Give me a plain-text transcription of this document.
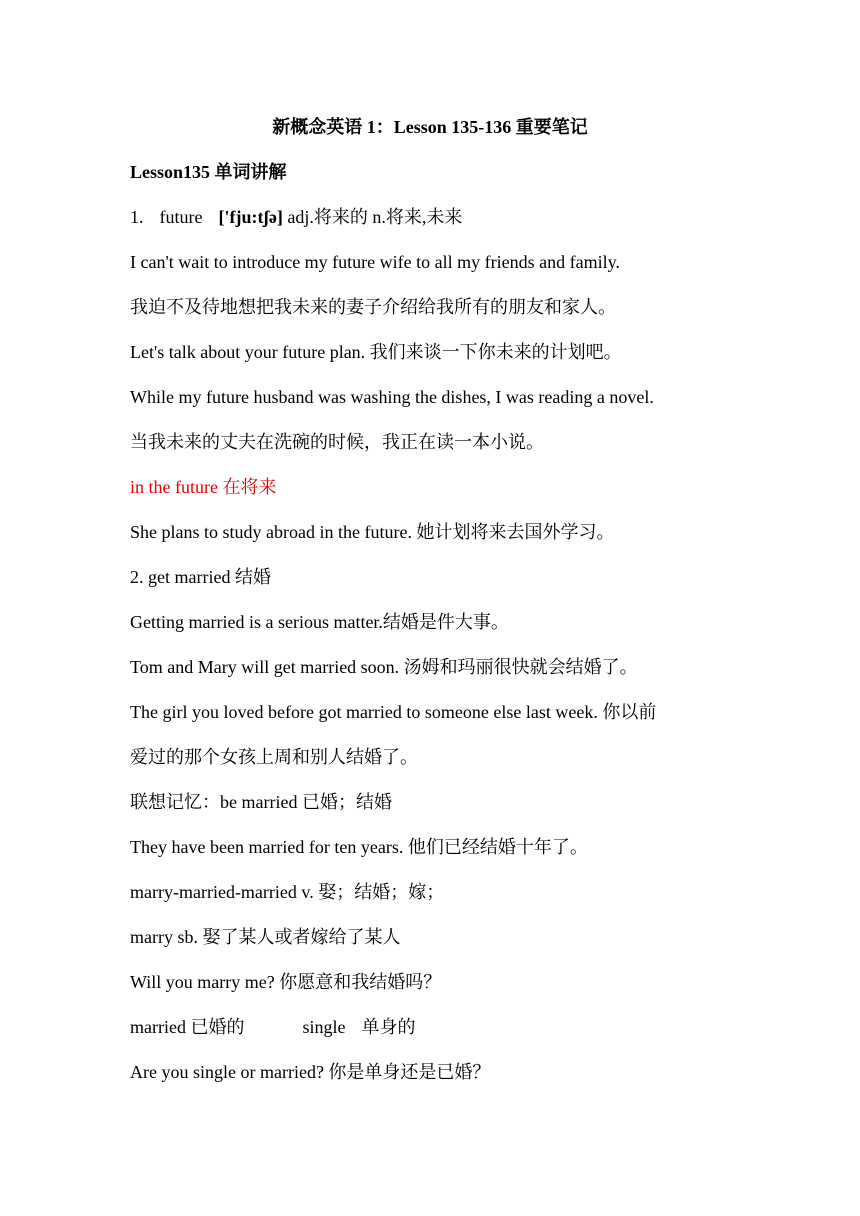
新概念英语 1：Lesson 135-136 重要笔记
Lesson135 单词讲解
1. future ['fju:tʃə] adj.将来的 n.将来,未来
I can't wait to introduce my future wife to all my friends and family.
我迫不及待地想把我未来的妻子介绍给我所有的朋友和家人。
Let's talk about your future plan. 我们来谈一下你未来的计划吧。
While my future husband was washing the dishes, I was reading a novel.
当我未来的丈夫在洗碗的时候，我正在读一本小说。
in the future 在将来
She plans to study abroad in the future. 她计划将来去国外学习。
2. get married 结婚
Getting married is a serious matter.结婚是件大事。
Tom and Mary will get married soon. 汤姆和玛丽很快就会结婚了。
The girl you loved before got married to someone else last week. 你以前
爱过的那个女孩上周和别人结婚了。
联想记忆：be married 已婚；结婚
They have been married for ten years. 他们已经结婚十年了。
marry-married-married v. 娶；结婚；嫁；
marry sb. 娶了某人或者嫁给了某人
Will you marry me? 你愿意和我结婚吗？
married 已婚的	single 单身的
Are you single or married? 你是单身还是已婚？
